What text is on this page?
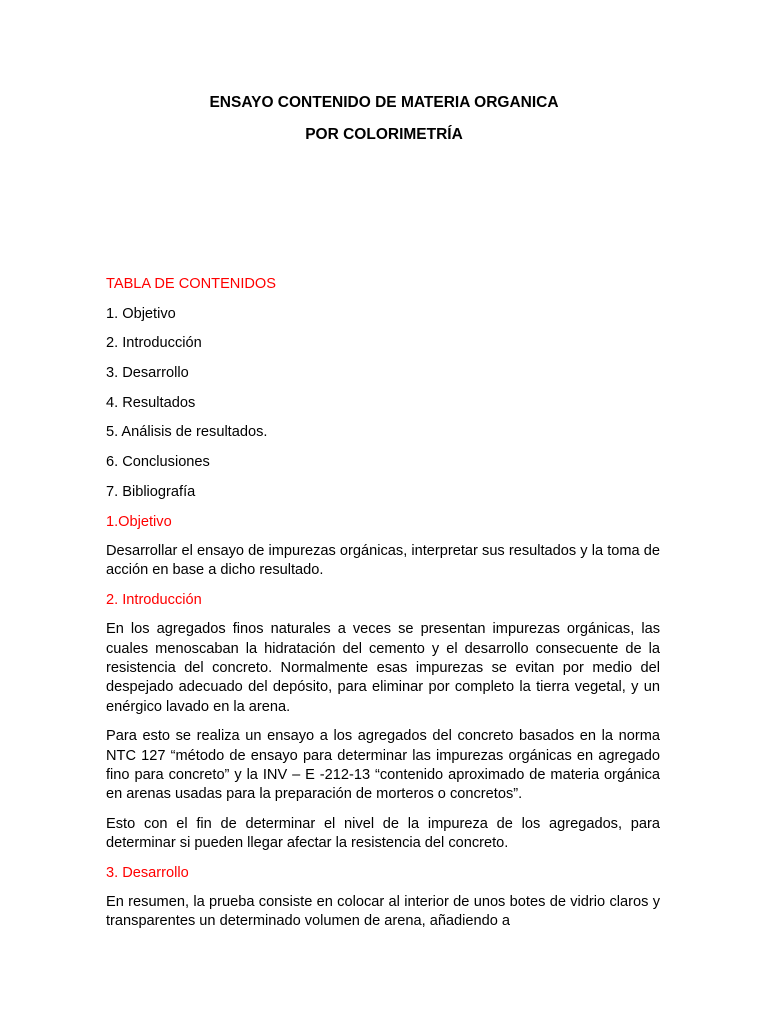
ENSAYO CONTENIDO DE MATERIA ORGANICA
POR COLORIMETRÍA
TABLA DE CONTENIDOS
1. Objetivo
2. Introducción
3. Desarrollo
4. Resultados
5. Análisis de resultados.
6. Conclusiones
7. Bibliografía
1.Objetivo

Desarrollar el ensayo de impurezas orgánicas, interpretar sus resultados y la toma de acción en base a dicho resultado.

2. Introducción

En los agregados finos naturales a veces se presentan impurezas orgánicas, las cuales menoscaban la hidratación del cemento y el desarrollo consecuente de la resistencia del concreto. Normalmente esas impurezas se evitan por medio del despejado adecuado del depósito, para eliminar por completo la tierra vegetal, y un enérgico lavado en la arena.

Para esto se realiza un ensayo a los agregados del concreto basados en la norma NTC 127 “método de ensayo para determinar las impurezas orgánicas en agregado fino para concreto” y la INV – E -212-13 “contenido aproximado de materia orgánica en arenas usadas para la preparación de morteros o concretos”.

Esto con el fin de determinar el nivel de la impureza de los agregados, para determinar si pueden llegar afectar la resistencia del concreto.

3. Desarrollo

En resumen, la prueba consiste en colocar al interior de unos botes de vidrio claros y transparentes un determinado volumen de arena, añadiendo a
